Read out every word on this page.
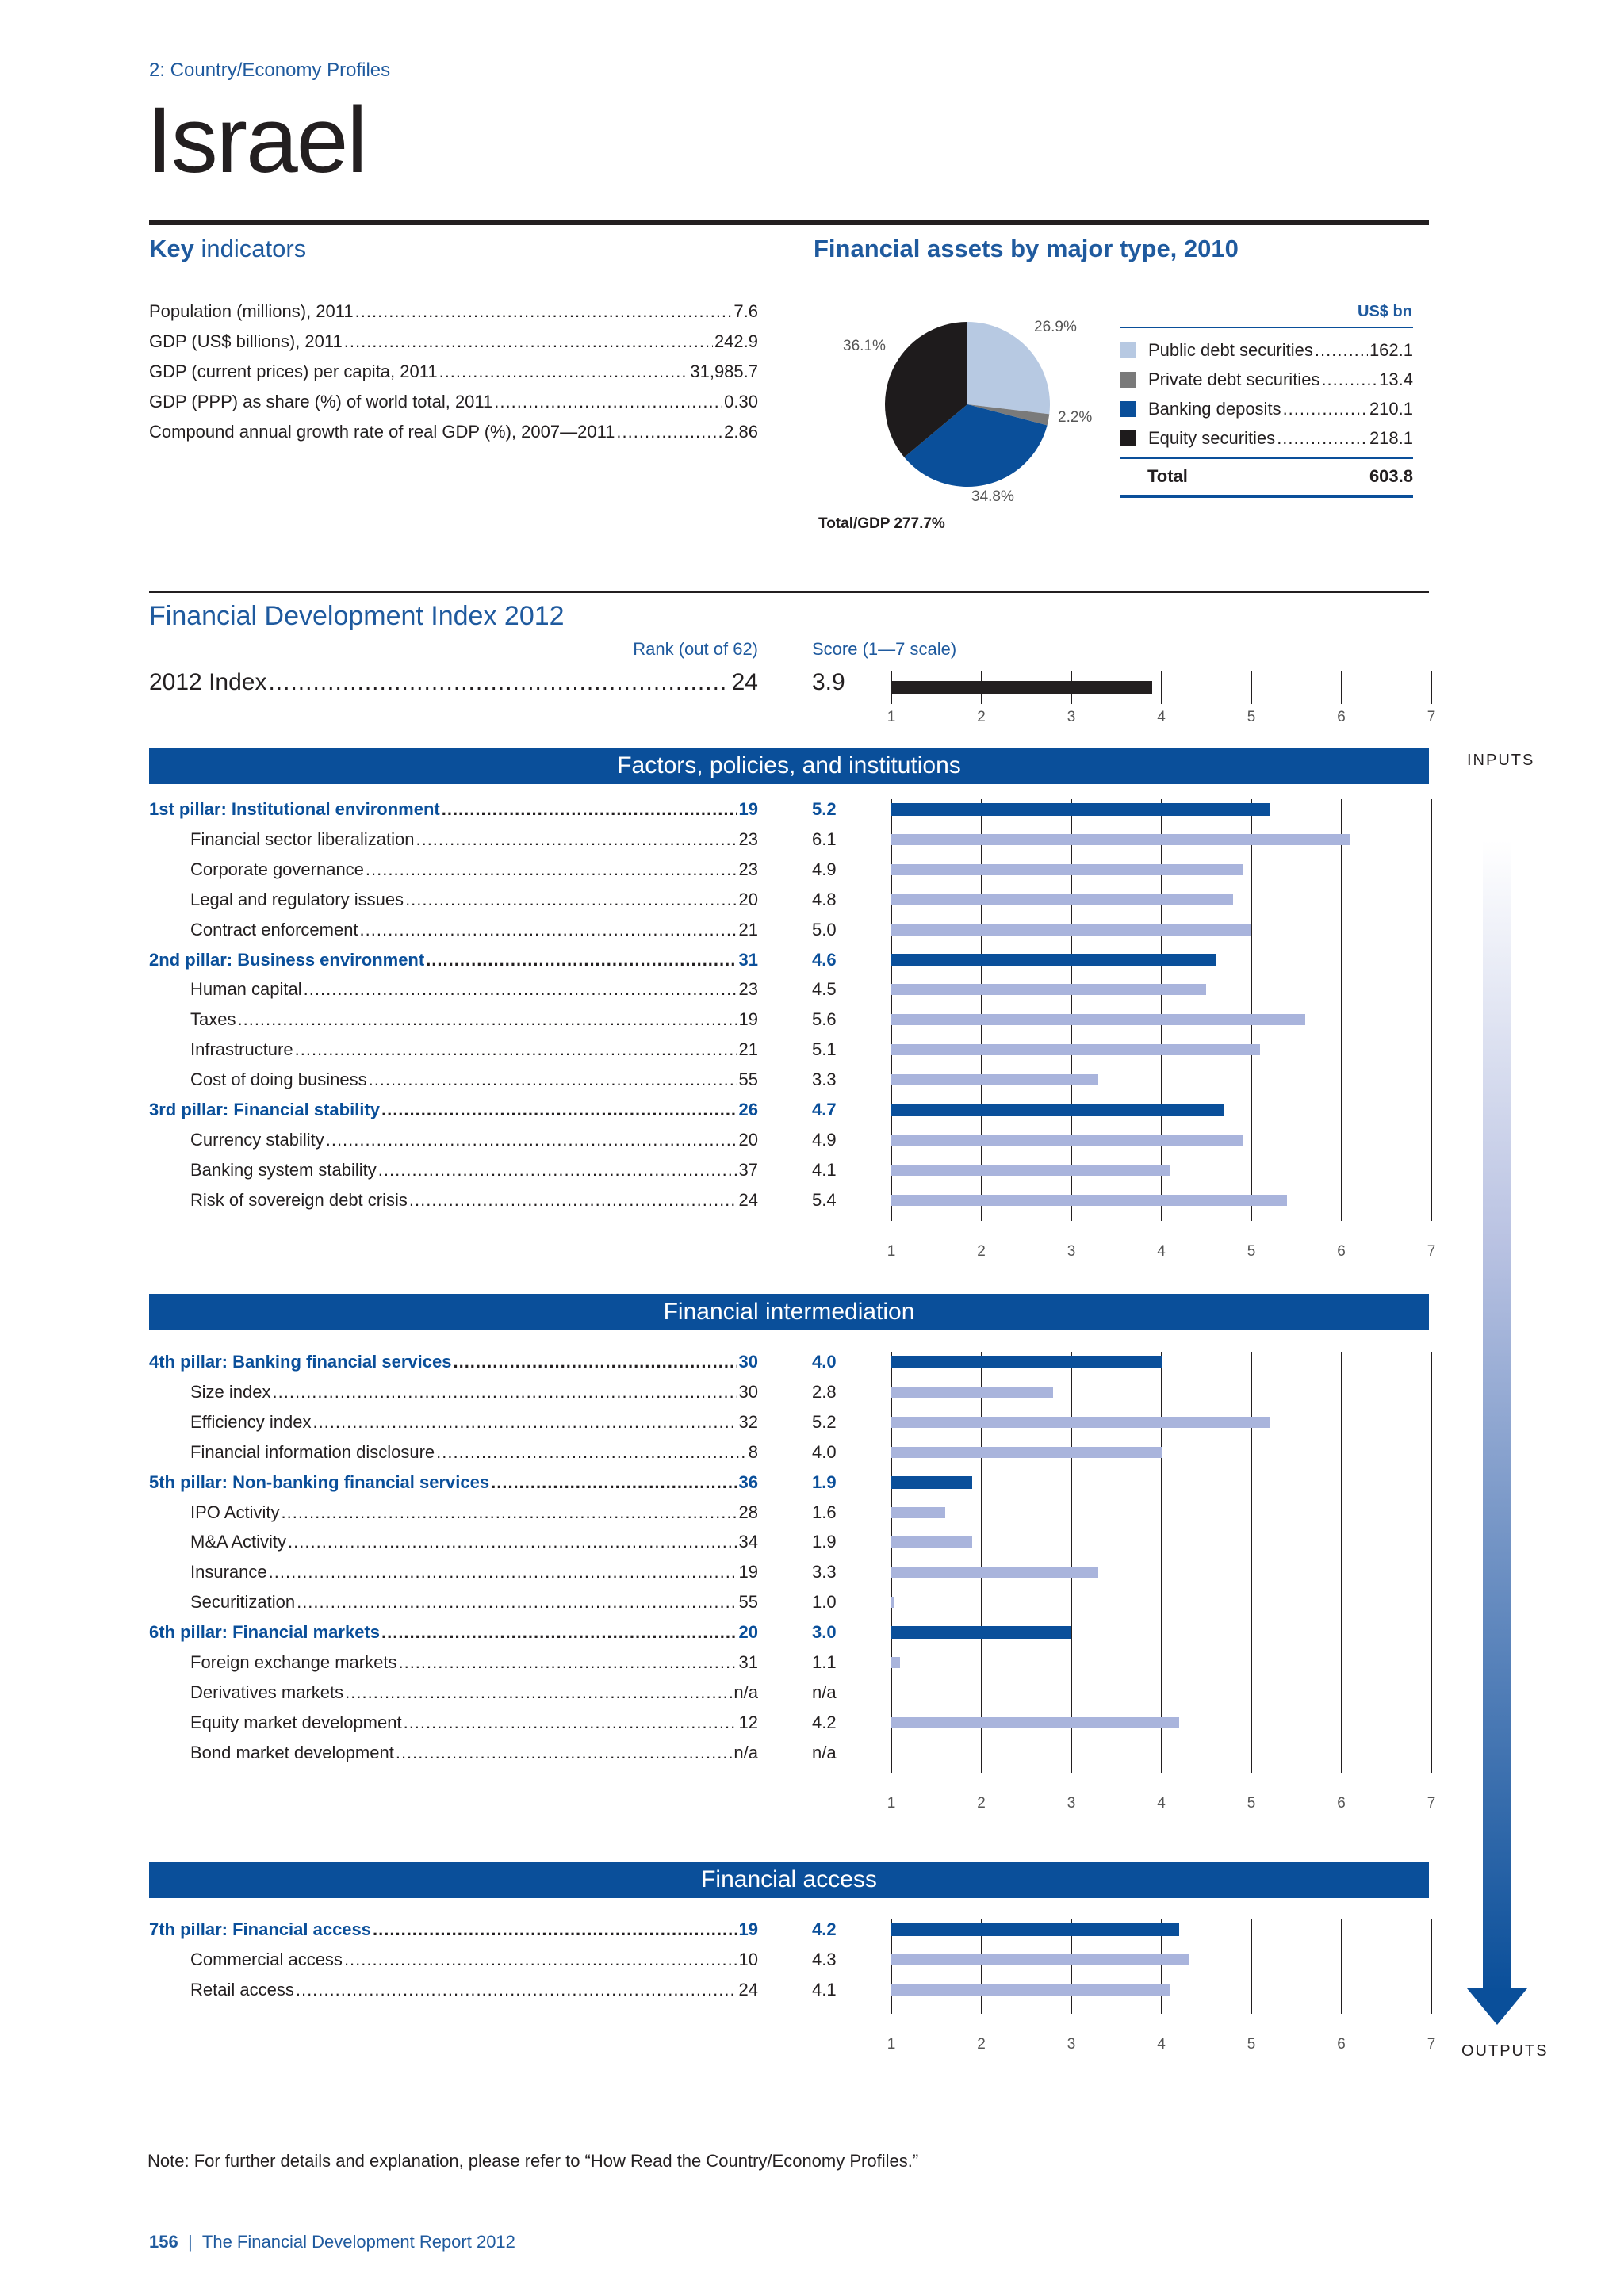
2: Country/Economy Profiles
Israel
Key indicators
Population (millions), 2011 .....	7.6
GDP (US$ billions), 2011 .....	242.9
GDP (current prices) per capita, 2011 .....	31,985.7
GDP (PPP) as share (%) of world total, 2011 .....	0.30
Compound annual growth rate of real GDP (%), 2007—2011 .....	2.86
Financial assets by major type, 2010
26.9%
2.2%
34.8%
36.1%
Total/GDP 277.7%
US$ bn
Public debt securities .....	162.1
Private debt securities .....	13.4
Banking deposits .....	210.1
Equity securities .....	218.1
Total	603.8
Financial Development Index 2012
Rank (out of 62)	Score (1—7 scale)
2012 Index .....	24 3.9
1	2	3	4	5	6	7
Factors, policies, and institutions
1	2	3	4	5	6	7
1st pillar: Institutional environment .....	19	5.2
Financial sector liberalization .....	23	6.1
Corporate governance .....	23	4.9
Legal and regulatory issues .....	20	4.8
Contract enforcement .....	21	5.0
2nd pillar: Business environment .....	31	4.6
Human capital .....	23	4.5
Taxes .....	19	5.6
Infrastructure .....	21	5.1
Cost of doing business .....	55	3.3
3rd pillar: Financial stability .....	26	4.7
Currency stability .....	20	4.9
Banking system stability .....	37	4.1
Risk of sovereign debt crisis .....	24	5.4
Financial intermediation
1	2	3	4	5	6	7
4th pillar: Banking financial services .....	30	4.0
Size index .....	30	2.8
Efficiency index .....	32	5.2
Financial information disclosure .....	8	4.0
5th pillar: Non-banking financial services .....	36	1.9
IPO Activity .....	28	1.6
M&A Activity .....	34	1.9
Insurance .....	19	3.3
Securitization .....	55	1.0
6th pillar: Financial markets .....	20	3.0
Foreign exchange markets .....	31	1.1
Derivatives markets .....	n/a	n/a
Equity market development .....	12	4.2
Bond market development .....	n/a	n/a
Financial access
1	2	3	4	5	6	7
7th pillar: Financial access .....	19	4.2
Commercial access .....	10	4.3
Retail access .....	24	4.1
INPUTS
OUTPUTS
Note: For further details and explanation, please refer to “How Read the Country/Economy Profiles.”
156 | The Financial Development Report 2012
